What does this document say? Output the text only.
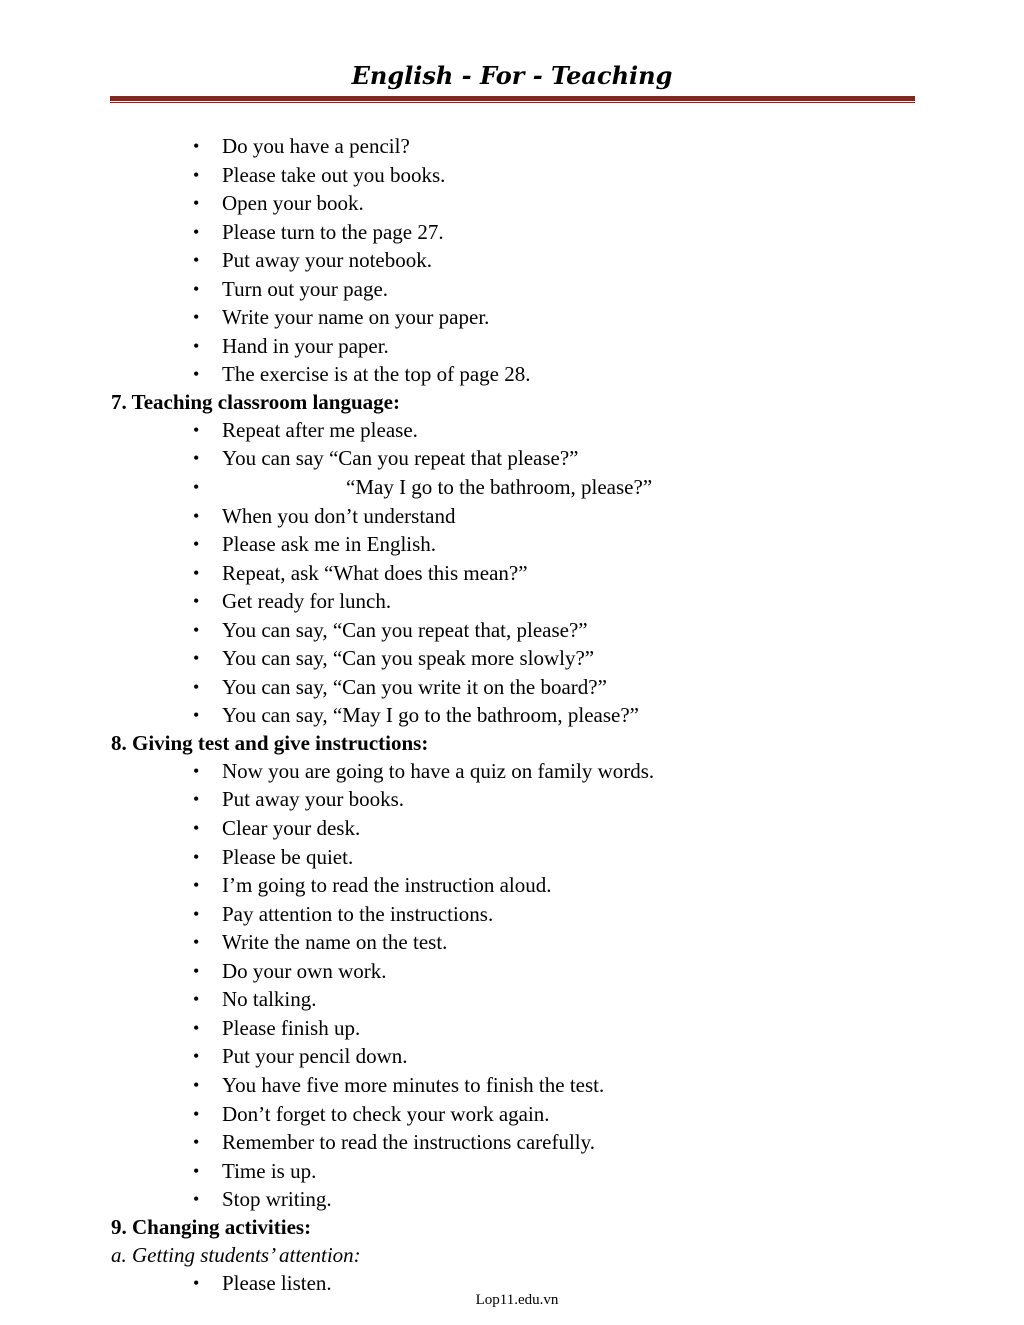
English - For - Teaching
• Do you have a pencil?
• Please take out you books.
• Open your book.
• Please turn to the page 27.
• Put away your notebook.
• Turn out your page.
• Write your name on your paper.
• Hand in your paper.
• The exercise is at the top of page 28.
7. Teaching classroom language:
• Repeat after me please.
• You can say “Can you repeat that please?”
•	“May I go to the bathroom, please?”
• When you don’t understand
• Please ask me in English.
• Repeat, ask “What does this mean?”
• Get ready for lunch.
• You can say, “Can you repeat that, please?”
• You can say, “Can you speak more slowly?”
• You can say, “Can you write it on the board?”
• You can say, “May I go to the bathroom, please?”
8. Giving test and give instructions:
• Now you are going to have a quiz on family words.
• Put away your books.
• Clear your desk.
• Please be quiet.
• I’m going to read the instruction aloud.
• Pay attention to the instructions.
• Write the name on the test.
• Do your own work.
• No talking.
• Please finish up.
• Put your pencil down.
• You have five more minutes to finish the test.
• Don’t forget to check your work again.
• Remember to read the instructions carefully.
• Time is up.
• Stop writing.
9. Changing activities:
a. Getting students’ attention:
• Please listen.
Lop11.edu.vn
